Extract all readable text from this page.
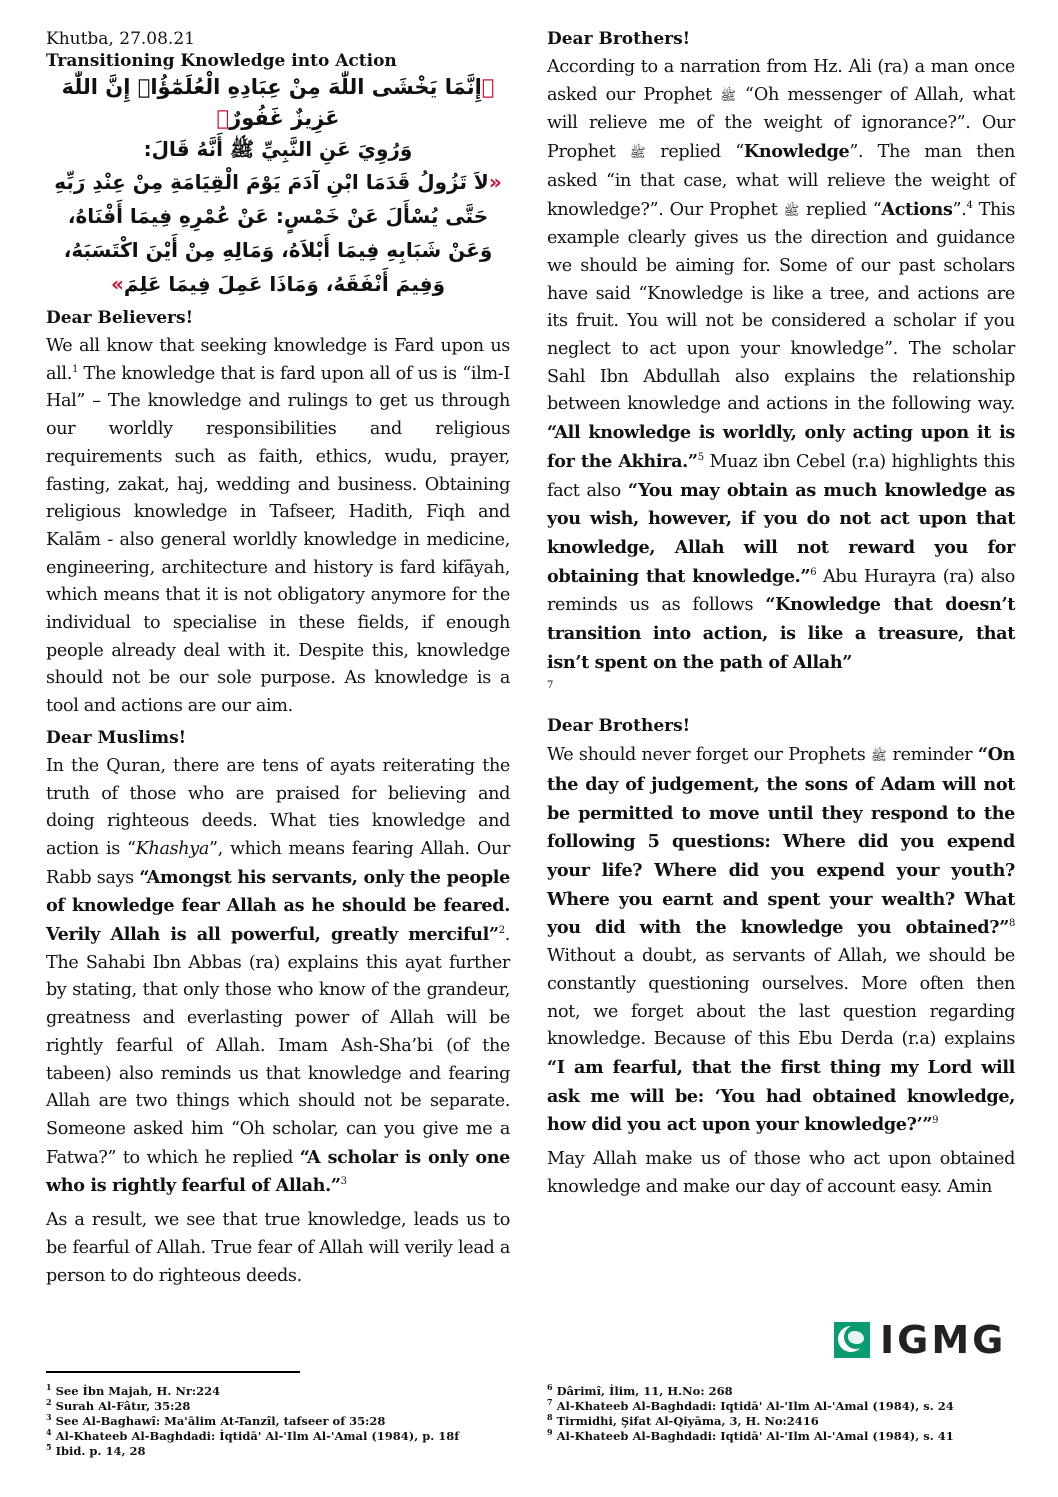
Khutba, 27.08.21
Transitioning Knowledge into Action
﴿إِنَّمَا يَخْشَى اللّٰهَ مِنْ عِبَادِهِ الْعُلَمٰٓؤُاۜ إِنَّ اللّٰهَ عَزِيزٌ غَفُورٌ﴾
وَرُوِيَ عَنِ النَّبِيِّ ﷺ أَنَّهُ قَالَ:
«لاَ تَزُولُ قَدَمَا ابْنِ آدَمَ يَوْمَ الْقِيَامَةِ مِنْ عِنْدِ رَبِّهِ حَتَّى يُسْأَلَ عَنْ خَمْسٍ: عَنْ عُمْرِهِ فِيمَا أَفْنَاهُ، وَعَنْ شَبَابِهِ فِيمَا أَبْلاَهُ، وَمَالِهِ مِنْ أَيْنَ اكْتَسَبَهُ، وَفِيمَ أَنْفَقَهُ، وَمَاذَا عَمِلَ فِيمَا عَلِمَ»
Dear Believers!

We all know that seeking knowledge is Fard upon us all.$^1$ The knowledge that is fard upon all of us is “ilm-I Hal” – The knowledge and rulings to get us through our worldly responsibilities and religious requirements such as faith, ethics, wudu, prayer, fasting, zakat, haj, wedding and business. Obtaining religious knowledge in Tafseer, Hadith, Fiqh and Kalām - also general worldly knowledge in medicine, engineering, architecture and history is fard kifāyah, which means that it is not obligatory anymore for the individual to specialise in these fields, if enough people already deal with it. Despite this, knowledge should not be our sole purpose. As knowledge is a tool and actions are our aim.

Dear Muslims!

In the Quran, there are tens of ayats reiterating the truth of those who are praised for believing and doing righteous deeds. What ties knowledge and action is “Khashya”, which means fearing Allah. Our Rabb says “Amongst his servants, only the people of knowledge fear Allah as he should be feared. Verily Allah is all powerful, greatly merciful”$^2$. The Sahabi Ibn Abbas (ra) explains this ayat further by stating, that only those who know of the grandeur, greatness and everlasting power of Allah will be rightly fearful of Allah. Imam Ash-Sha’bi (of the tabeen) also reminds us that knowledge and fearing Allah are two things which should not be separate. Someone asked him “Oh scholar, can you give me a Fatwa?” to which he replied “A scholar is only one who is rightly fearful of Allah.”$^3$

As a result, we see that true knowledge, leads us to be fearful of Allah. True fear of Allah will verily lead a person to do righteous deeds.

Dear Brothers!

According to a narration from Hz. Ali (ra) a man once asked our Prophet ﷺ “Oh messenger of Allah, what will relieve me of the weight of ignorance?”. Our Prophet ﷺ replied “Knowledge”. The man then asked “in that case, what will relieve the weight of knowledge?”. Our Prophet ﷺ replied “Actions”.$^4$ This example clearly gives us the direction and guidance we should be aiming for. Some of our past scholars have said “Knowledge is like a tree, and actions are its fruit. You will not be considered a scholar if you neglect to act upon your knowledge”. The scholar Sahl Ibn Abdullah also explains the relationship between knowledge and actions in the following way. “All knowledge is worldly, only acting upon it is for the Akhira.”$^5$ Muaz ibn Cebel (r.a) highlights this fact also “You may obtain as much knowledge as you wish, however, if you do not act upon that knowledge, Allah will not reward you for obtaining that knowledge.”$^6$ Abu Hurayra (ra) also reminds us as follows “Knowledge that doesn’t transition into action, is like a treasure, that isn’t spent on the path of Allah”
$^7$

Dear Brothers!

We should never forget our Prophets ﷺ reminder “On the day of judgement, the sons of Adam will not be permitted to move until they respond to the following 5 questions: Where did you expend your life? Where did you expend your youth? Where you earnt and spent your wealth? What you did with the knowledge you obtained?”$^8$ Without a doubt, as servants of Allah, we should be constantly questioning ourselves. More often then not, we forget about the last question regarding knowledge. Because of this Ebu Derda (r.a) explains “I am fearful, that the first thing my Lord will ask me will be: ‘You had obtained knowledge, how did you act upon your knowledge?’”$^9$

May Allah make us of those who act upon obtained knowledge and make our day of account easy. Amin

IGMG
$^1$ See İbn Majah, H. Nr:224
$^2$ Surah Al-Fâtır, 35:28
$^3$ See Al-Baghawî: Ma'ālim At-Tanzîl, tafseer of 35:28
$^4$ Al-Khateeb Al-Baghdadi: İqtidā' Al-'Ilm Al-'Amal (1984), p. 18f
$^5$ Ibid. p. 14, 28
$^6$ Dârimî, İlim, 11, H.No: 268
$^7$ Al-Khateeb Al-Baghdadi: Iqtidā' Al-'Ilm Al-'Amal (1984), s. 24
$^8$ Tirmidhi, Şifat Al-Qiyāma, 3, H. No:2416
$^9$ Al-Khateeb Al-Baghdadi: Iqtidā' Al-'Ilm Al-'Amal (1984), s. 41
